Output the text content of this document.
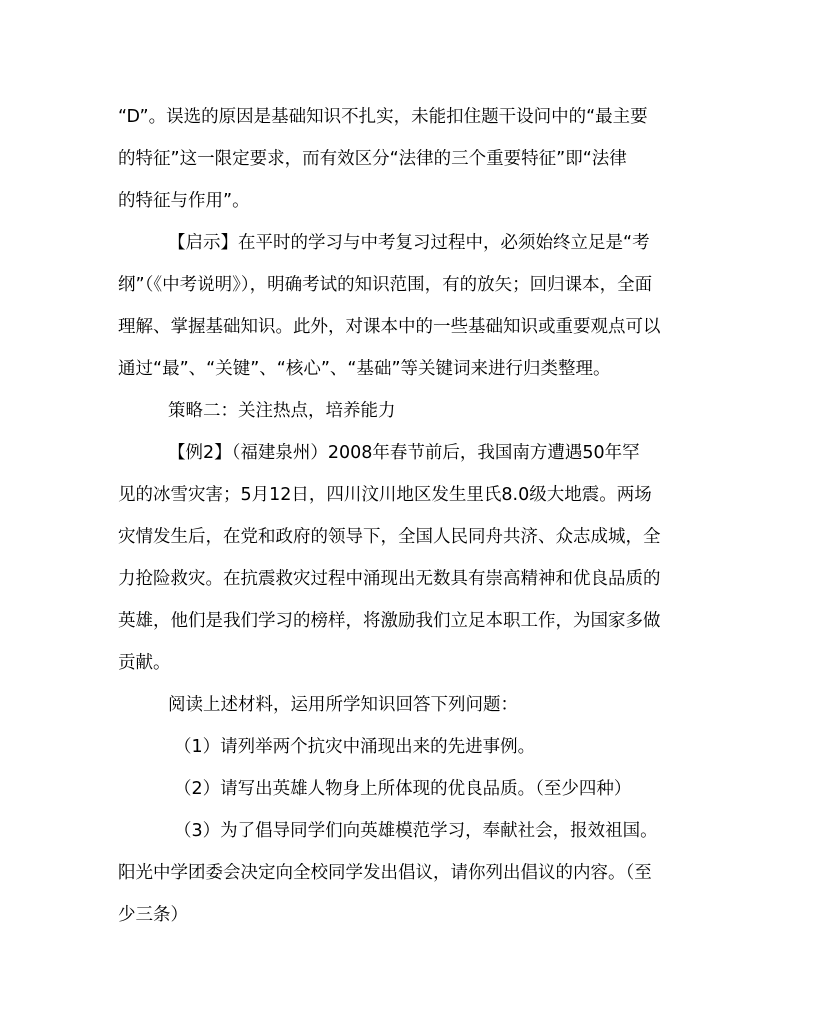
“D”。误选的原因是基础知识不扎实，未能扣住题干设问中的“最主要
的特征”这一限定要求，而有效区分“法律的三个重要特征”即“法律
的特征与作用”。
【启示】在平时的学习与中考复习过程中，必须始终立足是“考
纲”（《中考说明》），明确考试的知识范围，有的放矢；回归课本，全面
理解、掌握基础知识。此外，对课本中的一些基础知识或重要观点可以
通过“最”、“关键”、“核心”、“基础”等关键词来进行归类整理。
策略二：关注热点，培养能力
【例2】（福建泉州）2008年春节前后，我国南方遭遇50年罕
见的冰雪灾害；5月12日，四川汶川地区发生里氏8.0级大地震。两场
灾情发生后，在党和政府的领导下，全国人民同舟共济、众志成城，全
力抢险救灾。在抗震救灾过程中涌现出无数具有崇高精神和优良品质的
英雄，他们是我们学习的榜样，将激励我们立足本职工作，为国家多做
贡献。
阅读上述材料，运用所学知识回答下列问题：
（1）请列举两个抗灾中涌现出来的先进事例。
（2）请写出英雄人物身上所体现的优良品质。（至少四种）
（3）为了倡导同学们向英雄模范学习，奉献社会，报效祖国。
阳光中学团委会决定向全校同学发出倡议，请你列出倡议的内容。（至
少三条）
